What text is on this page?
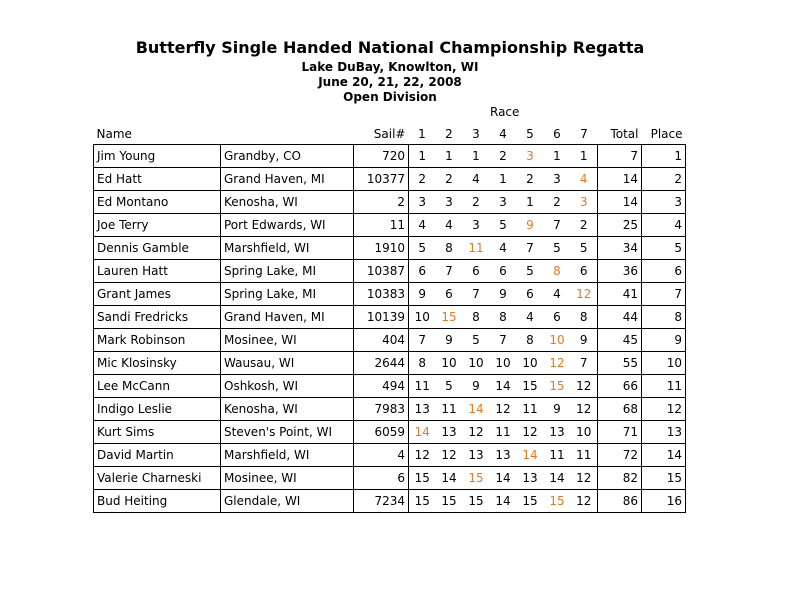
Butterfly Single Handed National Championship Regatta
Lake DuBay, Knowlton, WI
June 20, 21, 22, 2008
Open Division
Race
Name		Sail#	1	2	3	4	5	6	7	Total	Place

Jim Young	Grandby, CO	720	1	1	1	2	3	1	1	7	1
Ed Hatt	Grand Haven, MI	10377	2	2	4	1	2	3	4	14	2
Ed Montano	Kenosha, WI	2	3	3	2	3	1	2	3	14	3
Joe Terry	Port Edwards, WI	11	4	4	3	5	9	7	2	25	4
Dennis Gamble	Marshfield, WI	1910	5	8	11	4	7	5	5	34	5
Lauren Hatt	Spring Lake, MI	10387	6	7	6	6	5	8	6	36	6
Grant James	Spring Lake, MI	10383	9	6	7	9	6	4	12	41	7
Sandi Fredricks	Grand Haven, MI	10139	10	15	8	8	4	6	8	44	8
Mark Robinson	Mosinee, WI	404	7	9	5	7	8	10	9	45	9
Mic Klosinsky	Wausau, WI	2644	8	10	10	10	10	12	7	55	10
Lee McCann	Oshkosh, WI	494	11	5	9	14	15	15	12	66	11
Indigo Leslie	Kenosha, WI	7983	13	11	14	12	11	9	12	68	12
Kurt Sims	Steven's Point, WI	6059	14	13	12	11	12	13	10	71	13
David Martin	Marshfield, WI	4	12	12	13	13	14	11	11	72	14
Valerie Charneski	Mosinee, WI	6	15	14	15	14	13	14	12	82	15
Bud Heiting	Glendale, WI	7234	15	15	15	14	15	15	12	86	16
